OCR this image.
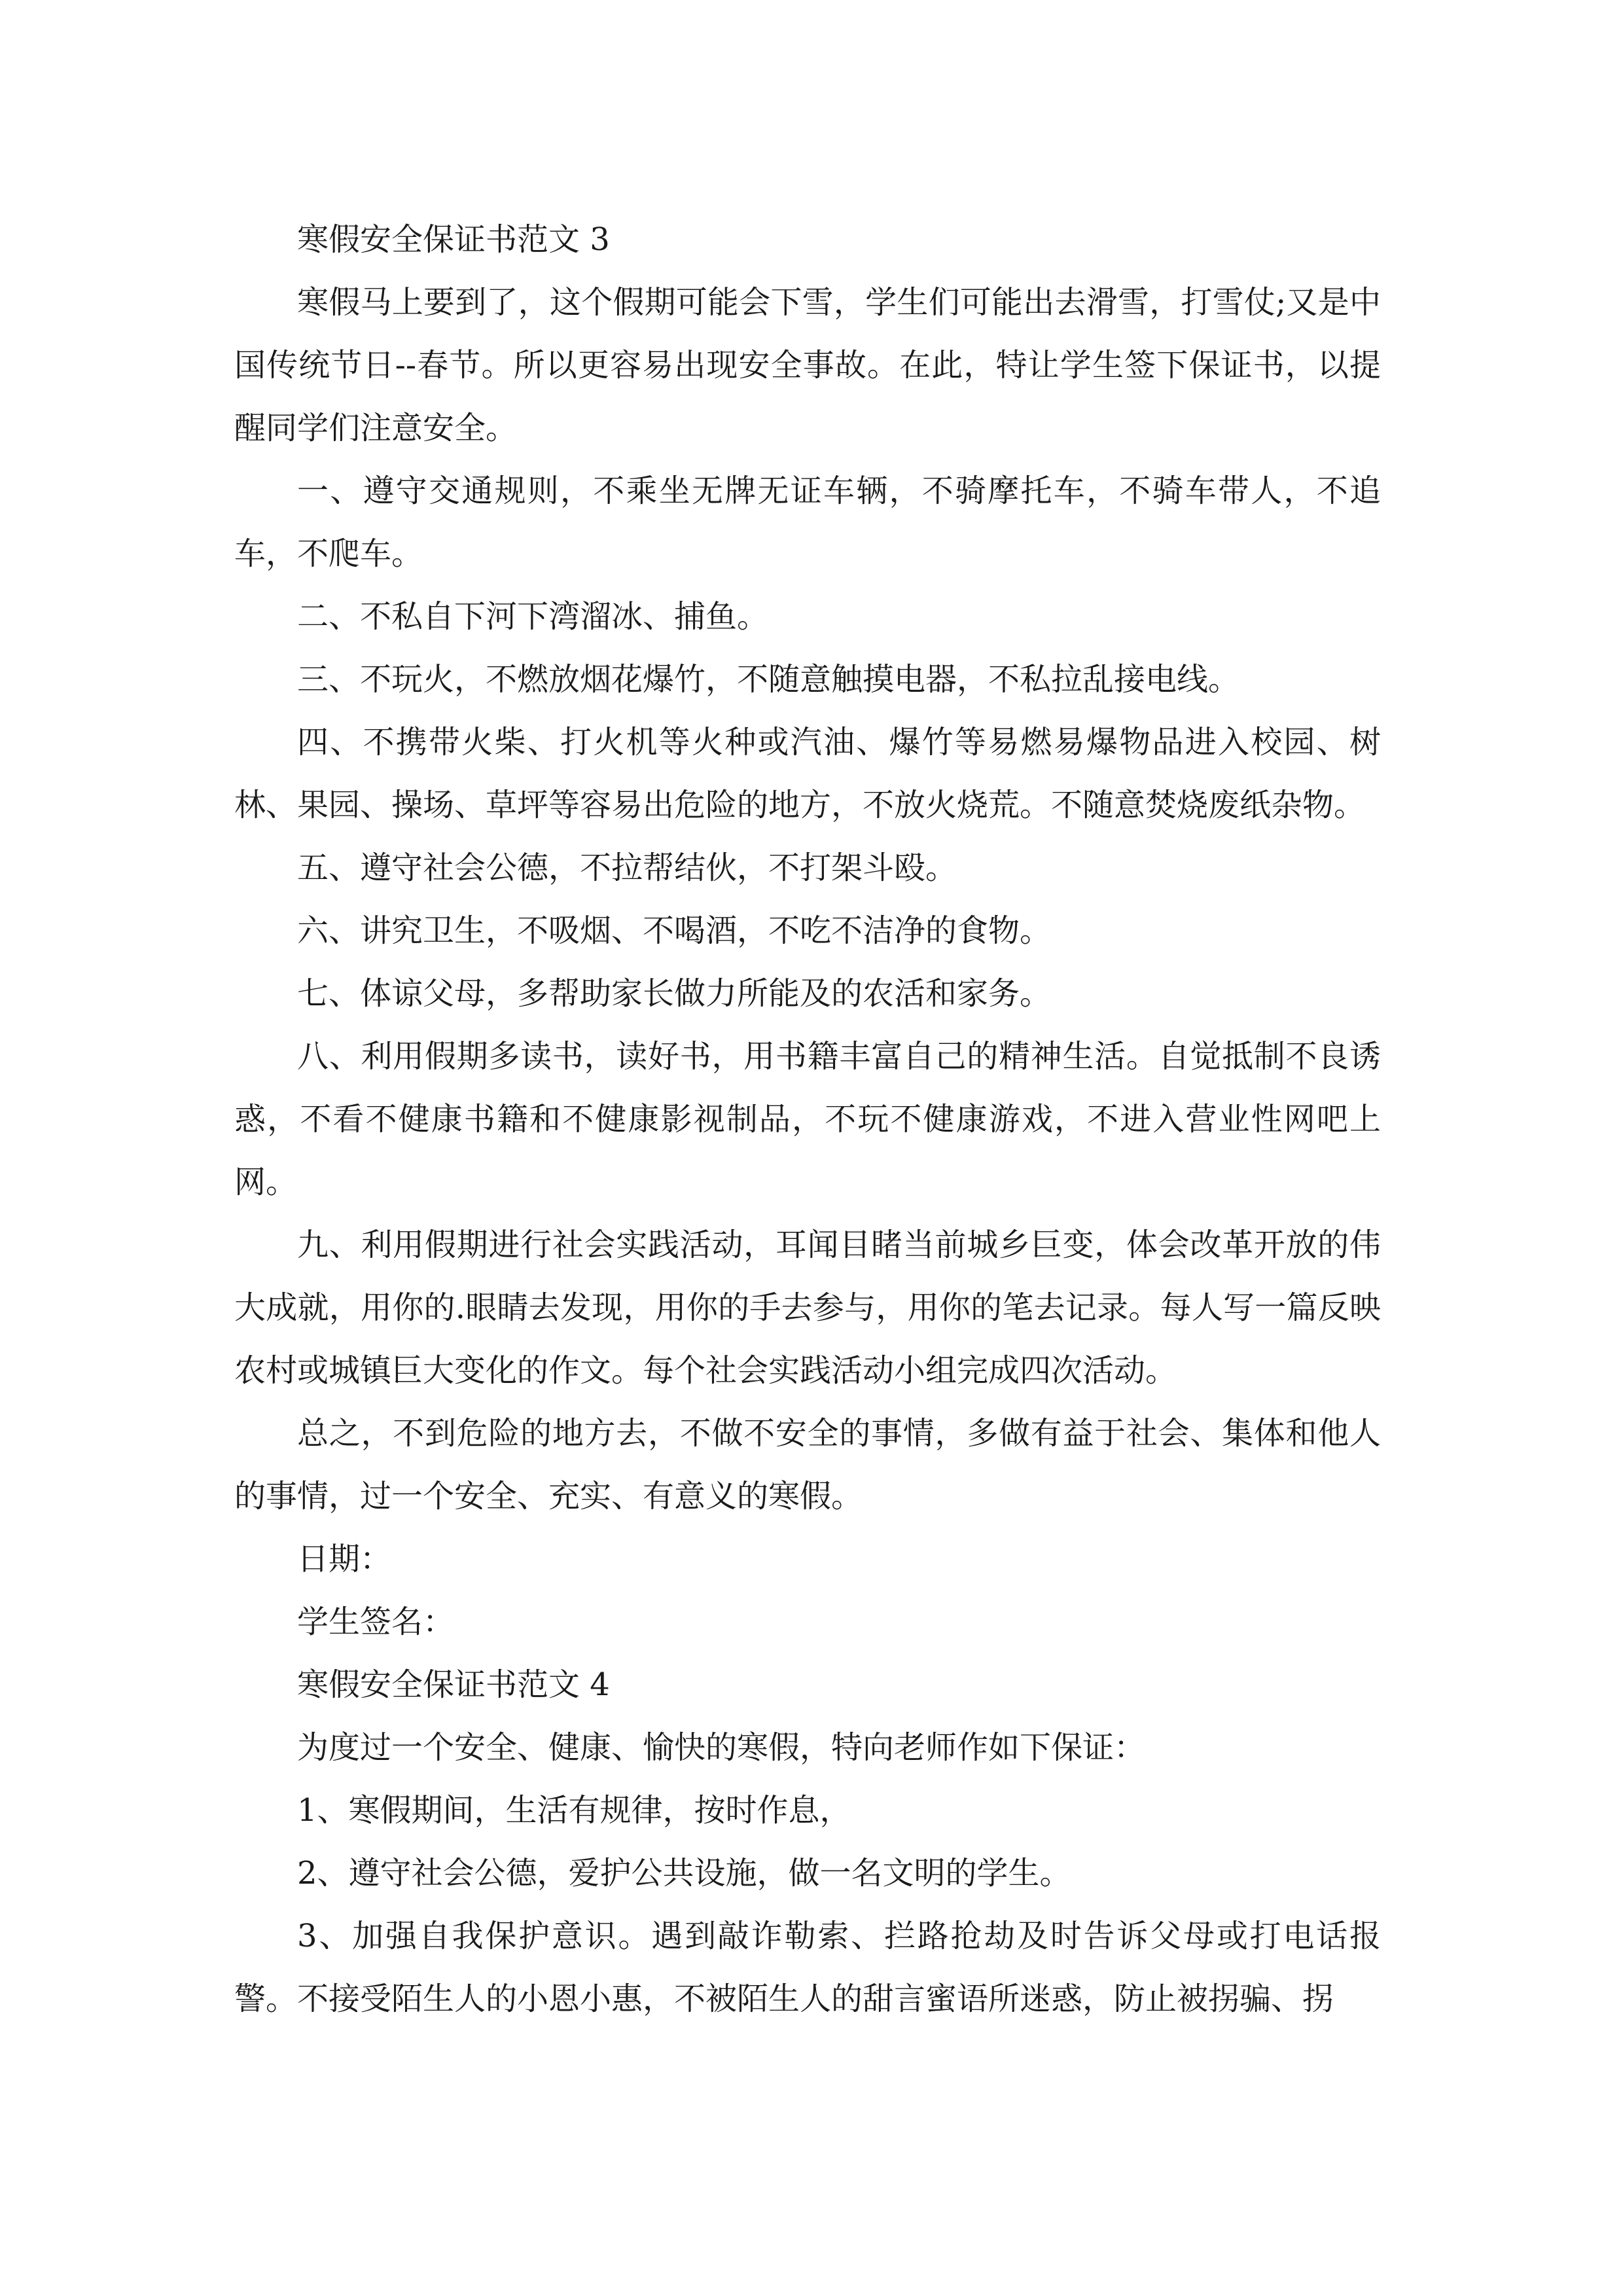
寒假安全保证书范文 3

寒假马上要到了，这个假期可能会下雪，学生们可能出去滑雪，打雪仗;又是中国传统节日--春节。所以更容易出现安全事故。在此，特让学生签下保证书，以提醒同学们注意安全。

一、遵守交通规则，不乘坐无牌无证车辆，不骑摩托车，不骑车带人，不追车，不爬车。

二、不私自下河下湾溜冰、捕鱼。

三、不玩火，不燃放烟花爆竹，不随意触摸电器，不私拉乱接电线。

四、不携带火柴、打火机等火种或汽油、爆竹等易燃易爆物品进入校园、树林、果园、操场、草坪等容易出危险的地方，不放火烧荒。不随意焚烧废纸杂物。

五、遵守社会公德，不拉帮结伙，不打架斗殴。

六、讲究卫生，不吸烟、不喝酒，不吃不洁净的食物。

七、体谅父母，多帮助家长做力所能及的农活和家务。

八、利用假期多读书，读好书，用书籍丰富自己的精神生活。自觉抵制不良诱惑，不看不健康书籍和不健康影视制品，不玩不健康游戏，不进入营业性网吧上网。

九、利用假期进行社会实践活动，耳闻目睹当前城乡巨变，体会改革开放的伟大成就，用你的.眼睛去发现，用你的手去参与，用你的笔去记录。每人写一篇反映农村或城镇巨大变化的作文。每个社会实践活动小组完成四次活动。

总之，不到危险的地方去，不做不安全的事情，多做有益于社会、集体和他人的事情，过一个安全、充实、有意义的寒假。

日期：

学生签名：

寒假安全保证书范文 4

为度过一个安全、健康、愉快的寒假，特向老师作如下保证：

1、寒假期间，生活有规律，按时作息，

2、遵守社会公德，爱护公共设施，做一名文明的学生。

3、加强自我保护意识。遇到敲诈勒索、拦路抢劫及时告诉父母或打电话报警。不接受陌生人的小恩小惠，不被陌生人的甜言蜜语所迷惑，防止被拐骗、拐
